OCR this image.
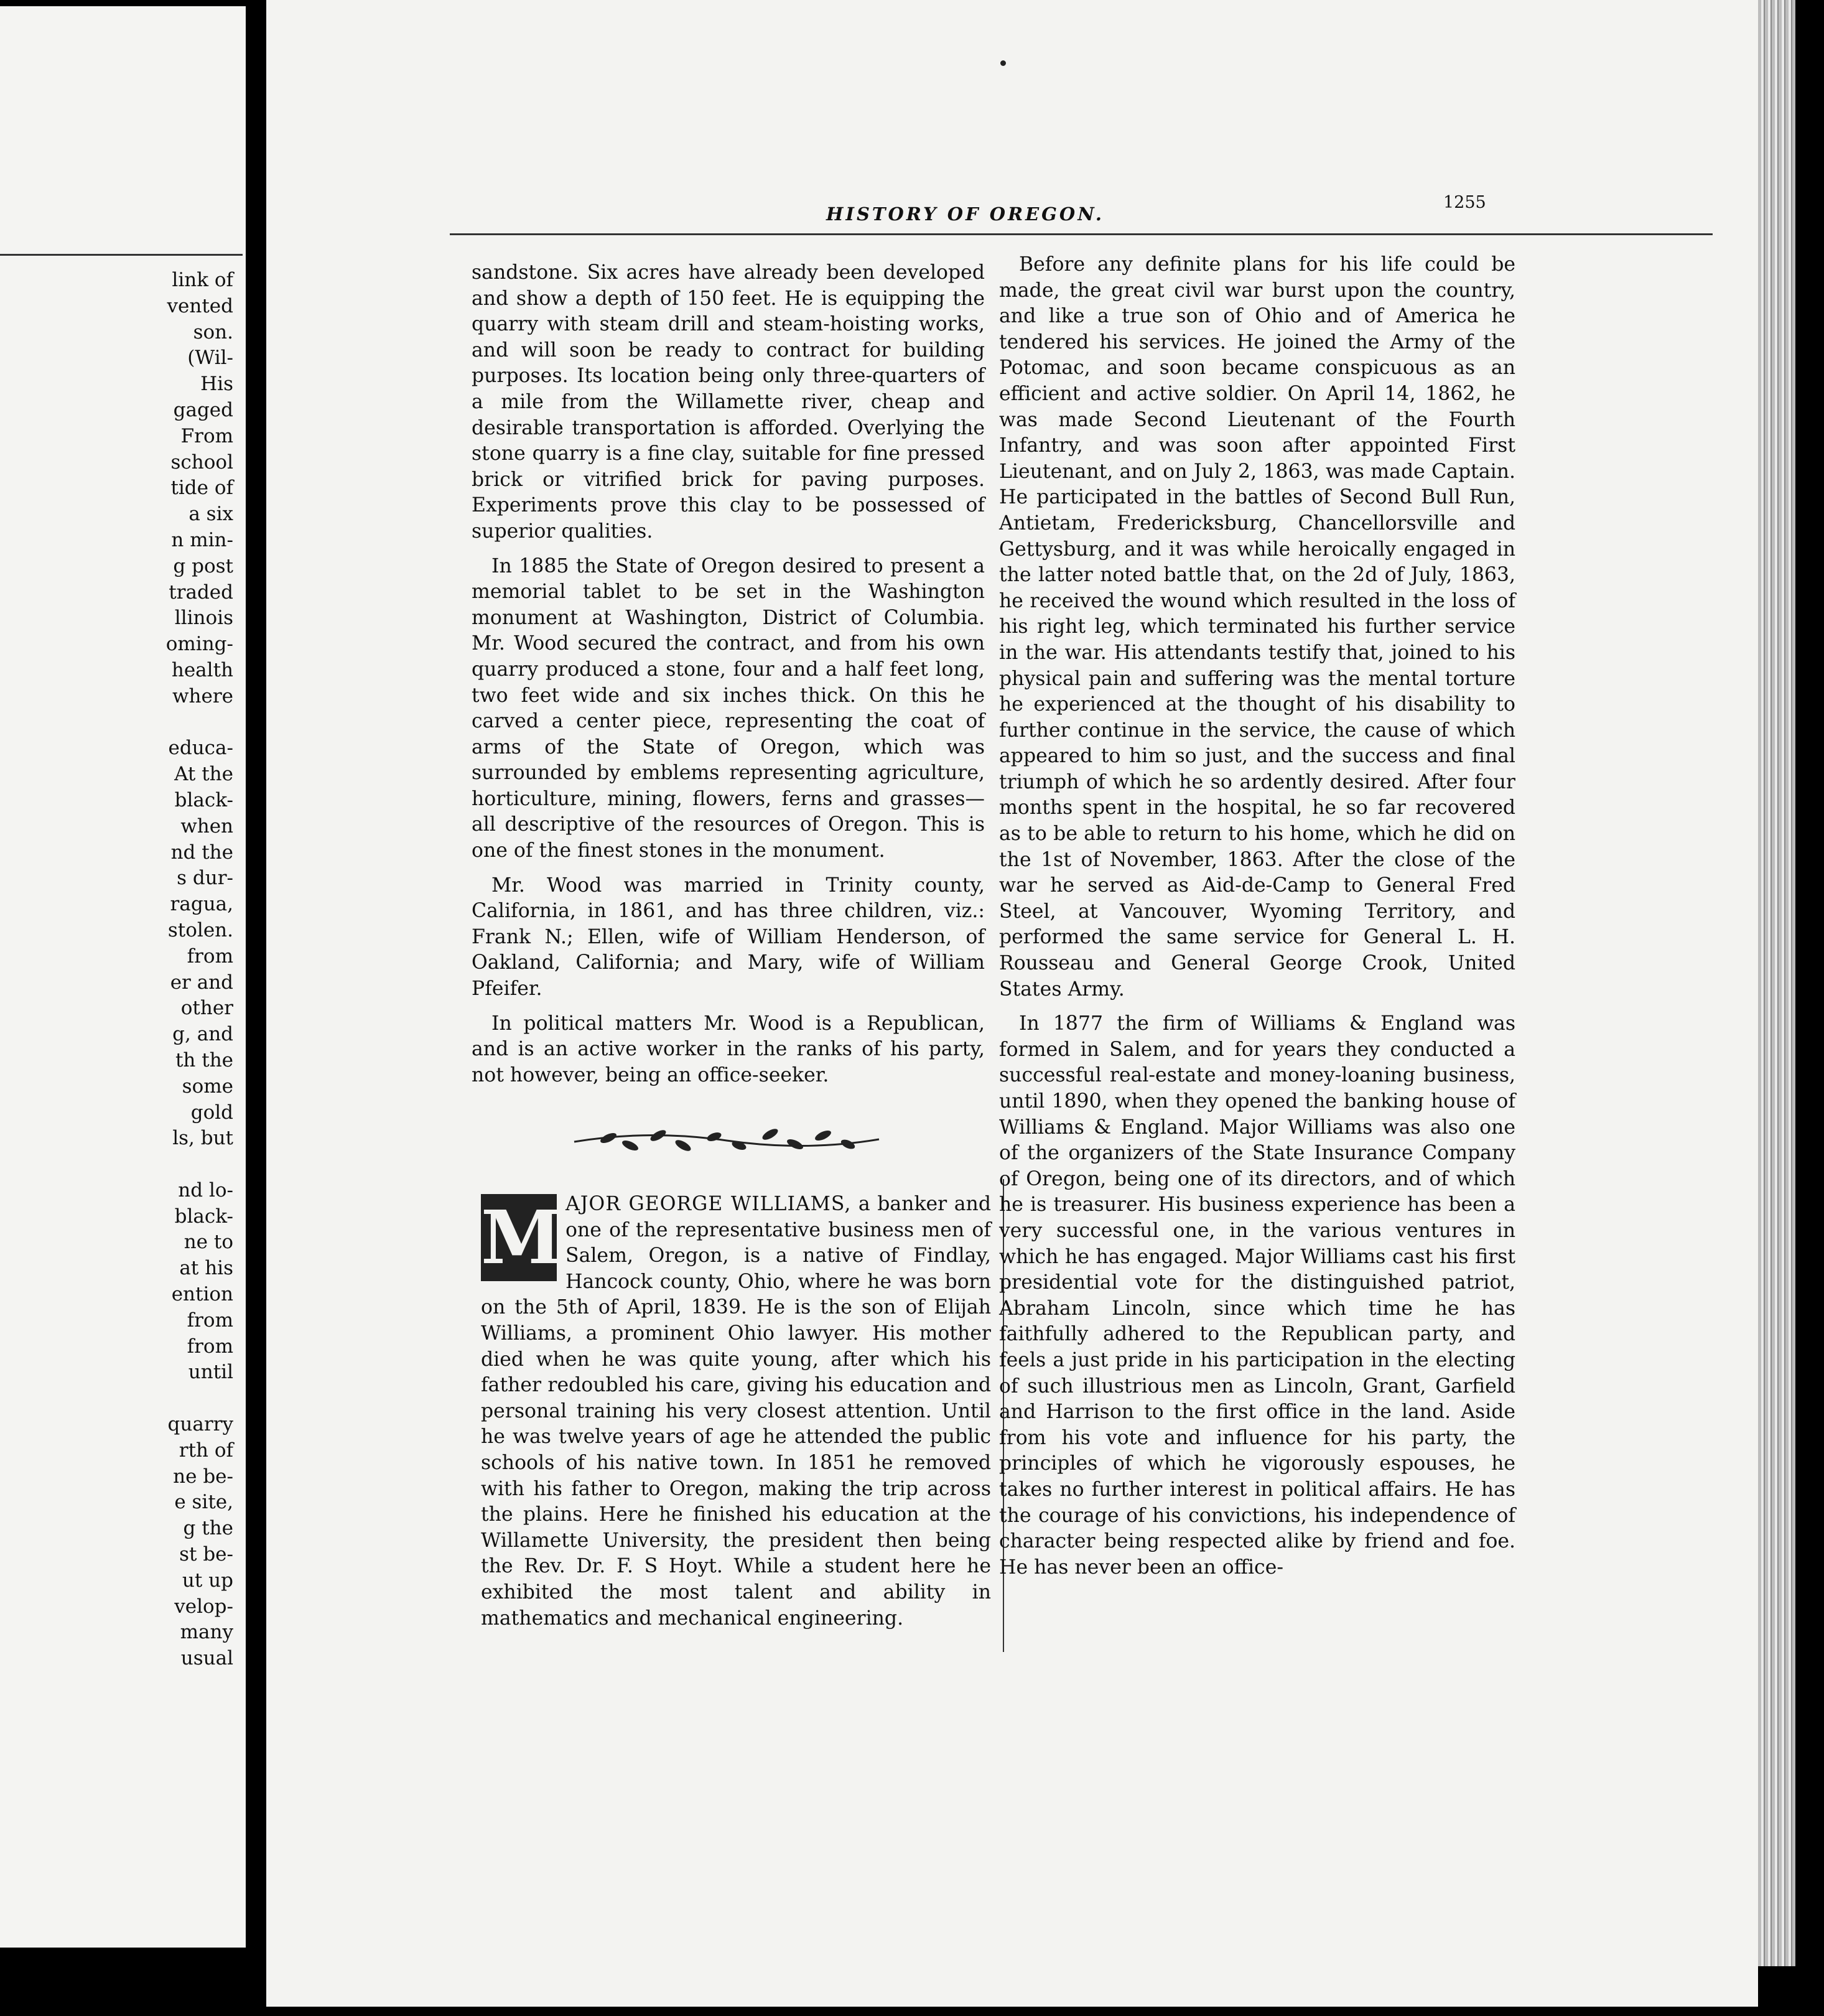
link of
vented
son.
(Wil-
His
gaged
From
school
tide of
a six
n min-
g post
traded
llinois
oming-
health
where
educa-
At the
black-
when
nd the
s dur-
ragua,
stolen.
from
er and
other
g, and
th the
some
gold
ls, but
nd lo-
black-
ne to
at his
ention
from
from
until
quarry
rth of
ne be-
e site,
g the
st be-
ut up
velop-
many
usual
HISTORY OF OREGON.
1255

sandstone. Six acres have already been developed and show a depth of 150 feet. He is equipping the quarry with steam drill and steam-hoisting works, and will soon be ready to contract for building purposes. Its location being only three-quarters of a mile from the Willamette river, cheap and desirable transportation is afforded. Overlying the stone quarry is a fine clay, suitable for fine pressed brick or vitrified brick for paving purposes. Experiments prove this clay to be possessed of superior qualities.

In 1885 the State of Oregon desired to present a memorial tablet to be set in the Washington monument at Washington, District of Columbia. Mr. Wood secured the contract, and from his own quarry produced a stone, four and a half feet long, two feet wide and six inches thick. On this he carved a center piece, representing the coat of arms of the State of Oregon, which was surrounded by emblems representing agriculture, horticulture, mining, flowers, ferns and grasses—all descriptive of the resources of Oregon. This is one of the finest stones in the monument.

Mr. Wood was married in Trinity county, California, in 1861, and has three children, viz.: Frank N.; Ellen, wife of William Henderson, of Oakland, California; and Mary, wife of William Pfeifer.

In political matters Mr. Wood is a Republican, and is an active worker in the ranks of his party, not however, being an office-seeker.

M AJOR GEORGE WILLIAMS, a banker and one of the representative business men of Salem, Oregon, is a native of Findlay, Hancock county, Ohio, where he was born on the 5th of April, 1839. He is the son of Elijah Williams, a prominent Ohio lawyer. His mother died when he was quite young, after which his father redoubled his care, giving his education and personal training his very closest attention. Until he was twelve years of age he attended the public schools of his native town. In 1851 he removed with his father to Oregon, making the trip across the plains. Here he finished his education at the Willamette University, the president then being the Rev. Dr. F. S Hoyt. While a student here he exhibited the most talent and ability in mathematics and mechanical engineering.

Before any definite plans for his life could be made, the great civil war burst upon the country, and like a true son of Ohio and of America he tendered his services. He joined the Army of the Potomac, and soon became conspicuous as an efficient and active soldier. On April 14, 1862, he was made Second Lieutenant of the Fourth Infantry, and was soon after appointed First Lieutenant, and on July 2, 1863, was made Captain. He participated in the battles of Second Bull Run, Antietam, Fredericksburg, Chancellorsville and Gettysburg, and it was while heroically engaged in the latter noted battle that, on the 2d of July, 1863, he received the wound which resulted in the loss of his right leg, which terminated his further service in the war. His attendants testify that, joined to his physical pain and suffering was the mental torture he experienced at the thought of his disability to further continue in the service, the cause of which appeared to him so just, and the success and final triumph of which he so ardently desired. After four months spent in the hospital, he so far recovered as to be able to return to his home, which he did on the 1st of November, 1863. After the close of the war he served as Aid-de-Camp to General Fred Steel, at Vancouver, Wyoming Territory, and performed the same service for General L. H. Rousseau and General George Crook, United States Army.

In 1877 the firm of Williams & England was formed in Salem, and for years they conducted a successful real-estate and money-loaning business, until 1890, when they opened the banking house of Williams & England. Major Williams was also one of the organizers of the State Insurance Company of Oregon, being one of its directors, and of which he is treasurer. His business experience has been a very successful one, in the various ventures in which he has engaged. Major Williams cast his first presidential vote for the distinguished patriot, Abraham Lincoln, since which time he has faithfully adhered to the Republican party, and feels a just pride in his participation in the electing of such illustrious men as Lincoln, Grant, Garfield and Harrison to the first office in the land. Aside from his vote and influence for his party, the principles of which he vigorously espouses, he takes no further interest in political affairs. He has the courage of his convictions, his independence of character being respected alike by friend and foe. He has never been an office-
